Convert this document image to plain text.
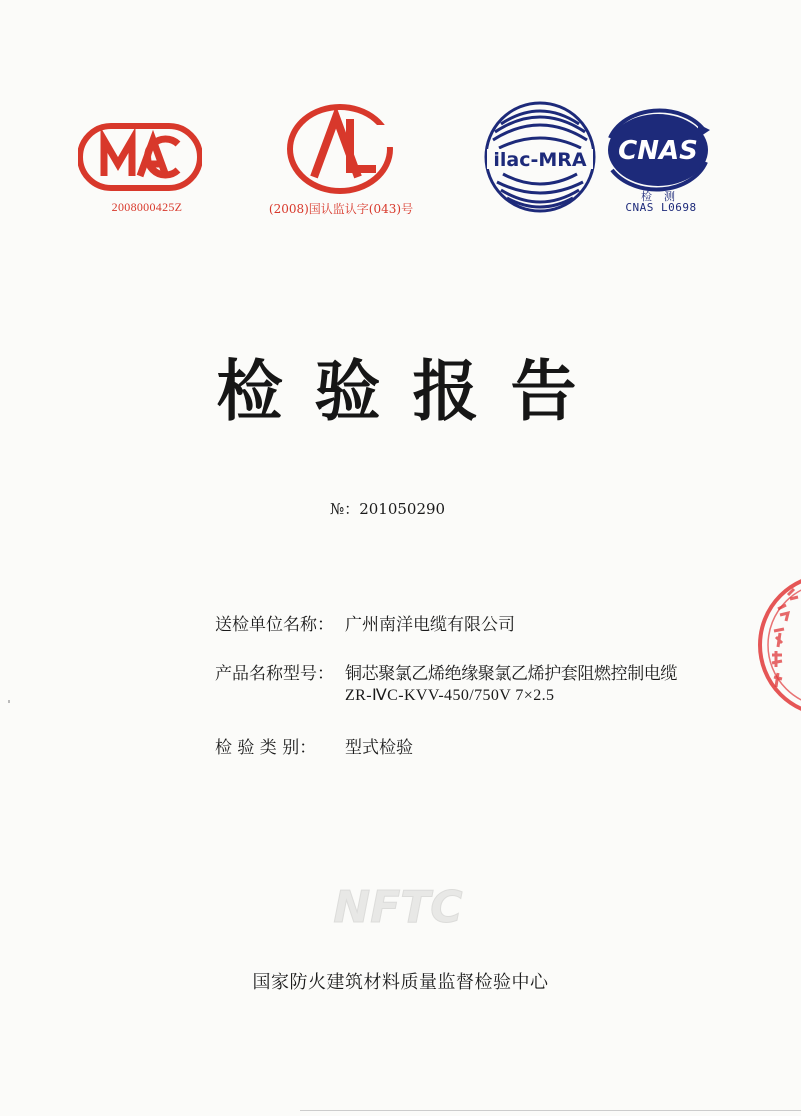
2008000425Z	(2008)国认监认字(043)号
ilac-MRA CNAS
检测
CNAS L0698
检验报告
№：201050290
送检单位名称： 广州南洋电缆有限公司
产品名称型号： 铜芯聚氯乙烯绝缘聚氯乙烯护套阻燃控制电缆
ZR-ⅣC-KVV-450/750V 7×2.5
检 验 类 别： 型式检验
NFTC
国家防火建筑材料质量监督检验中心
